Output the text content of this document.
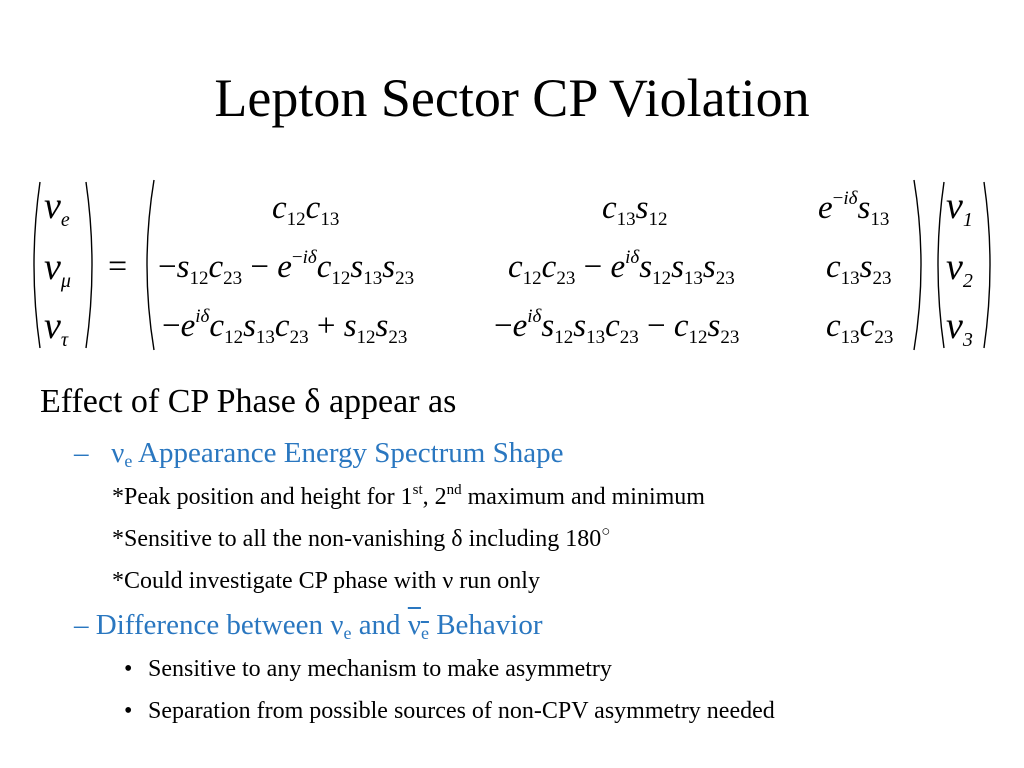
Lepton Sector CP Violation
$\nu_e$
$\nu_\mu$
$\nu_\tau$
=
$c_{12}c_{13}$	$c_{13}s_{12}$	$e^{-i\delta}s_{13}$
$-s_{12}c_{23} - e^{-i\delta}c_{12}s_{13}s_{23}$	$c_{12}c_{23} - e^{i\delta}s_{12}s_{13}s_{23}$	$c_{13}s_{23}$
$-e^{i\delta}c_{12}s_{13}c_{23} + s_{12}s_{23}$	$-e^{i\delta}s_{12}s_{13}c_{23} - c_{12}s_{23}$	$c_{13}c_{23}$
$\nu_1$
$\nu_2$
$\nu_3$
Effect of CP Phase δ appear as
– νe Appearance Energy Spectrum Shape
*Peak position and height for 1st, 2nd maximum and minimum
*Sensitive to all the non-vanishing δ including 180○
*Could investigate CP phase with ν run only
– Difference between νe and νe Behavior
• Sensitive to any mechanism to make asymmetry
• Separation from possible sources of non-CPV asymmetry needed
